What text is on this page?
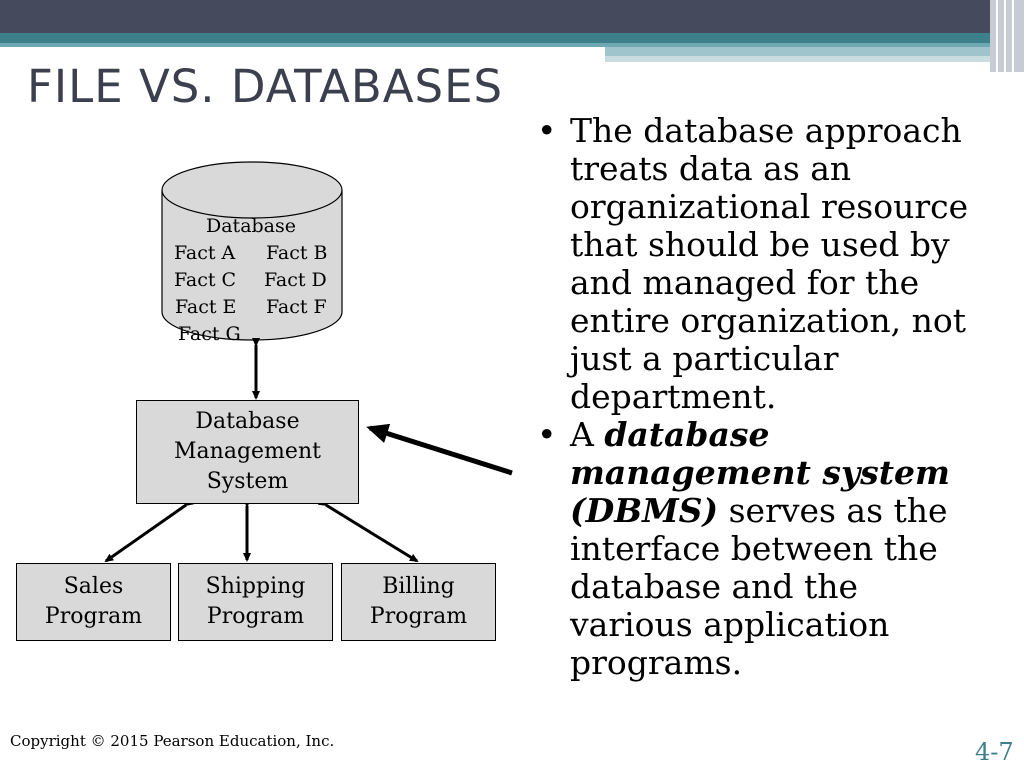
FILE VS. DATABASES
Database
Fact A Fact B
Fact C Fact D
Fact E Fact F
Fact G
Database
Management
System
Sales
Program
Shipping
Program
Billing
Program
• The database approach treats data as an organizational resource that should be used by and managed for the entire organization, not just a particular department.
• A database management system (DBMS) serves as the interface between the database and the various application programs.
Copyright © 2015 Pearson Education, Inc.	4-7
